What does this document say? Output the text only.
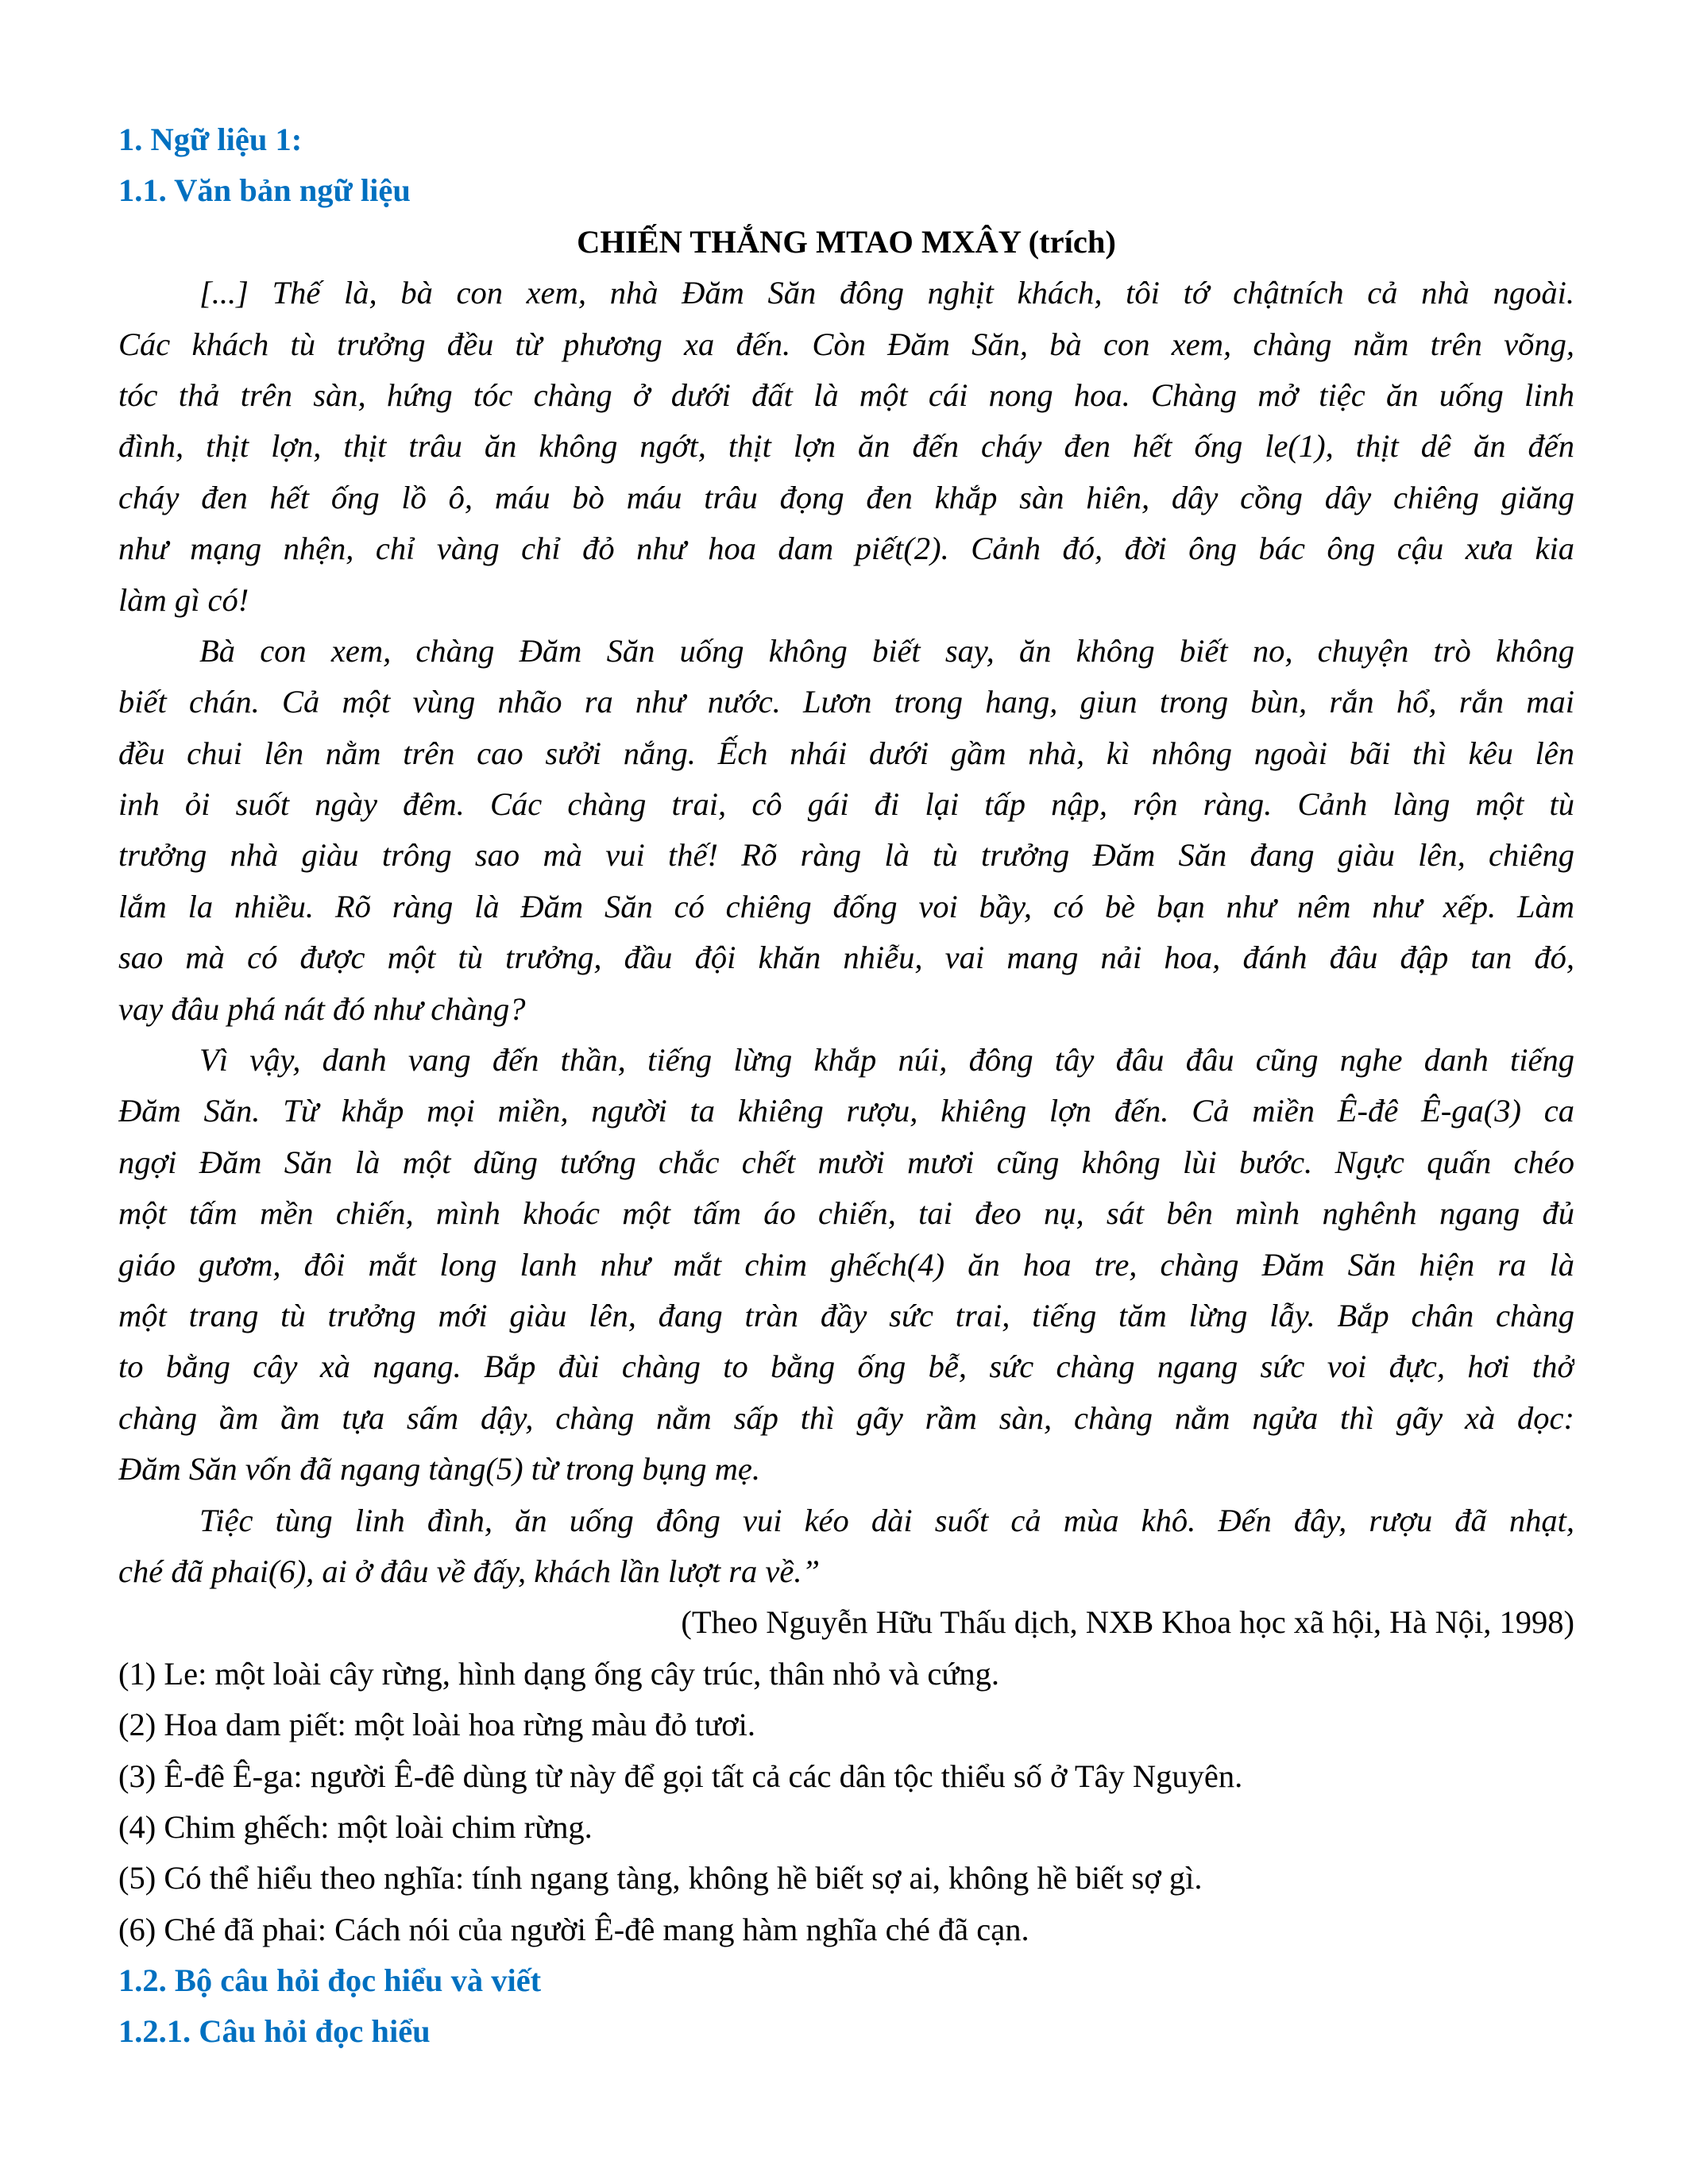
1. Ngữ liệu 1:
1.1. Văn bản ngữ liệu
CHIẾN THẮNG MTAO MXÂY (trích)
[...] Thế là, bà con xem, nhà Đăm Săn đông nghịt khách, tôi tớ chậtních cả nhà ngoài.
Các khách tù trưởng đều từ phương xa đến. Còn Đăm Săn, bà con xem, chàng nằm trên võng,
tóc thả trên sàn, hứng tóc chàng ở dưới đất là một cái nong hoa. Chàng mở tiệc ăn uống linh
đình, thịt lợn, thịt trâu ăn không ngớt, thịt lợn ăn đến cháy đen hết ống le(1), thịt dê ăn đến
cháy đen hết ống lồ ô, máu bò máu trâu đọng đen khắp sàn hiên, dây cồng dây chiêng giăng
như mạng nhện, chỉ vàng chỉ đỏ như hoa dam piết(2). Cảnh đó, đời ông bác ông cậu xưa kia
làm gì có!
Bà con xem, chàng Đăm Săn uống không biết say, ăn không biết no, chuyện trò không
biết chán. Cả một vùng nhão ra như nước. Lươn trong hang, giun trong bùn, rắn hổ, rắn mai
đều chui lên nằm trên cao sưởi nắng. Ếch nhái dưới gầm nhà, kì nhông ngoài bãi thì kêu lên
inh ỏi suốt ngày đêm. Các chàng trai, cô gái đi lại tấp nập, rộn ràng. Cảnh làng một tù
trưởng nhà giàu trông sao mà vui thế! Rõ ràng là tù trưởng Đăm Săn đang giàu lên, chiêng
lắm la nhiều. Rõ ràng là Đăm Săn có chiêng đống voi bầy, có bè bạn như nêm như xếp. Làm
sao mà có được một tù trưởng, đầu đội khăn nhiễu, vai mang nải hoa, đánh đâu đập tan đó,
vay đâu phá nát đó như chàng?
Vì vậy, danh vang đến thần, tiếng lừng khắp núi, đông tây đâu đâu cũng nghe danh tiếng
Đăm Săn. Từ khắp mọi miền, người ta khiêng rượu, khiêng lợn đến. Cả miền Ê-đê Ê-ga(3) ca
ngợi Đăm Săn là một dũng tướng chắc chết mười mươi cũng không lùi bước. Ngực quấn chéo
một tấm mền chiến, mình khoác một tấm áo chiến, tai đeo nụ, sát bên mình nghênh ngang đủ
giáo gươm, đôi mắt long lanh như mắt chim ghếch(4) ăn hoa tre, chàng Đăm Săn hiện ra là
một trang tù trưởng mới giàu lên, đang tràn đầy sức trai, tiếng tăm lừng lẫy. Bắp chân chàng
to bằng cây xà ngang. Bắp đùi chàng to bằng ống bễ, sức chàng ngang sức voi đực, hơi thở
chàng ầm ầm tựa sấm dậy, chàng nằm sấp thì gãy rầm sàn, chàng nằm ngửa thì gãy xà dọc:
Đăm Săn vốn đã ngang tàng(5) từ trong bụng mẹ.
Tiệc tùng linh đình, ăn uống đông vui kéo dài suốt cả mùa khô. Đến đây, rượu đã nhạt,
ché đã phai(6), ai ở đâu về đấy, khách lần lượt ra về.”
(Theo Nguyễn Hữu Thấu dịch, NXB Khoa học xã hội, Hà Nội, 1998)
(1) Le: một loài cây rừng, hình dạng ống cây trúc, thân nhỏ và cứng.
(2) Hoa dam piết: một loài hoa rừng màu đỏ tươi.
(3) Ê-đê Ê-ga: người Ê-đê dùng từ này để gọi tất cả các dân tộc thiểu số ở Tây Nguyên.
(4) Chim ghếch: một loài chim rừng.
(5) Có thể hiểu theo nghĩa: tính ngang tàng, không hề biết sợ ai, không hề biết sợ gì.
(6) Ché đã phai: Cách nói của người Ê-đê mang hàm nghĩa ché đã cạn.
1.2. Bộ câu hỏi đọc hiểu và viết
1.2.1. Câu hỏi đọc hiểu
